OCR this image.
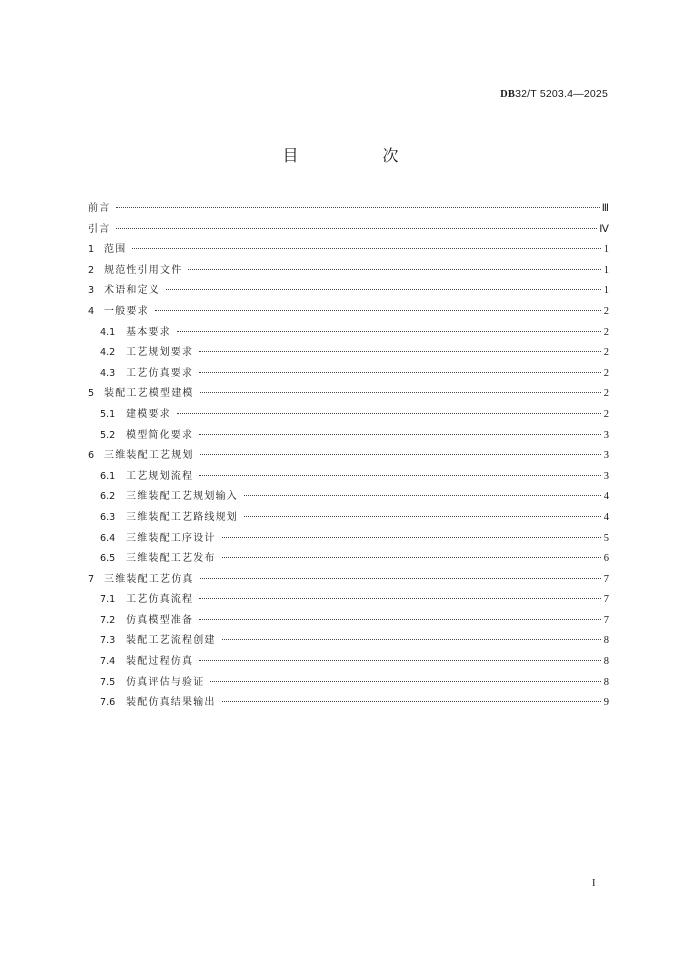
DB32/T 5203.4—2025
目　次
前言	Ⅲ
引言	Ⅳ
1 范围	1
2 规范性引用文件	1
3 术语和定义	1
4 一般要求	2
4.1	基本要求	2
4.2	工艺规划要求	2
4.3	工艺仿真要求	2
5 装配工艺模型建模	2
5.1	建模要求	2
5.2	模型简化要求	3
6 三维装配工艺规划	3
6.1	工艺规划流程	3
6.2	三维装配工艺规划输入	4
6.3	三维装配工艺路线规划	4
6.4	三维装配工序设计	5
6.5	三维装配工艺发布	6
7 三维装配工艺仿真	7
7.1	工艺仿真流程	7
7.2	仿真模型准备	7
7.3	装配工艺流程创建	8
7.4	装配过程仿真	8
7.5	仿真评估与验证	8
7.6	装配仿真结果输出	9
I
